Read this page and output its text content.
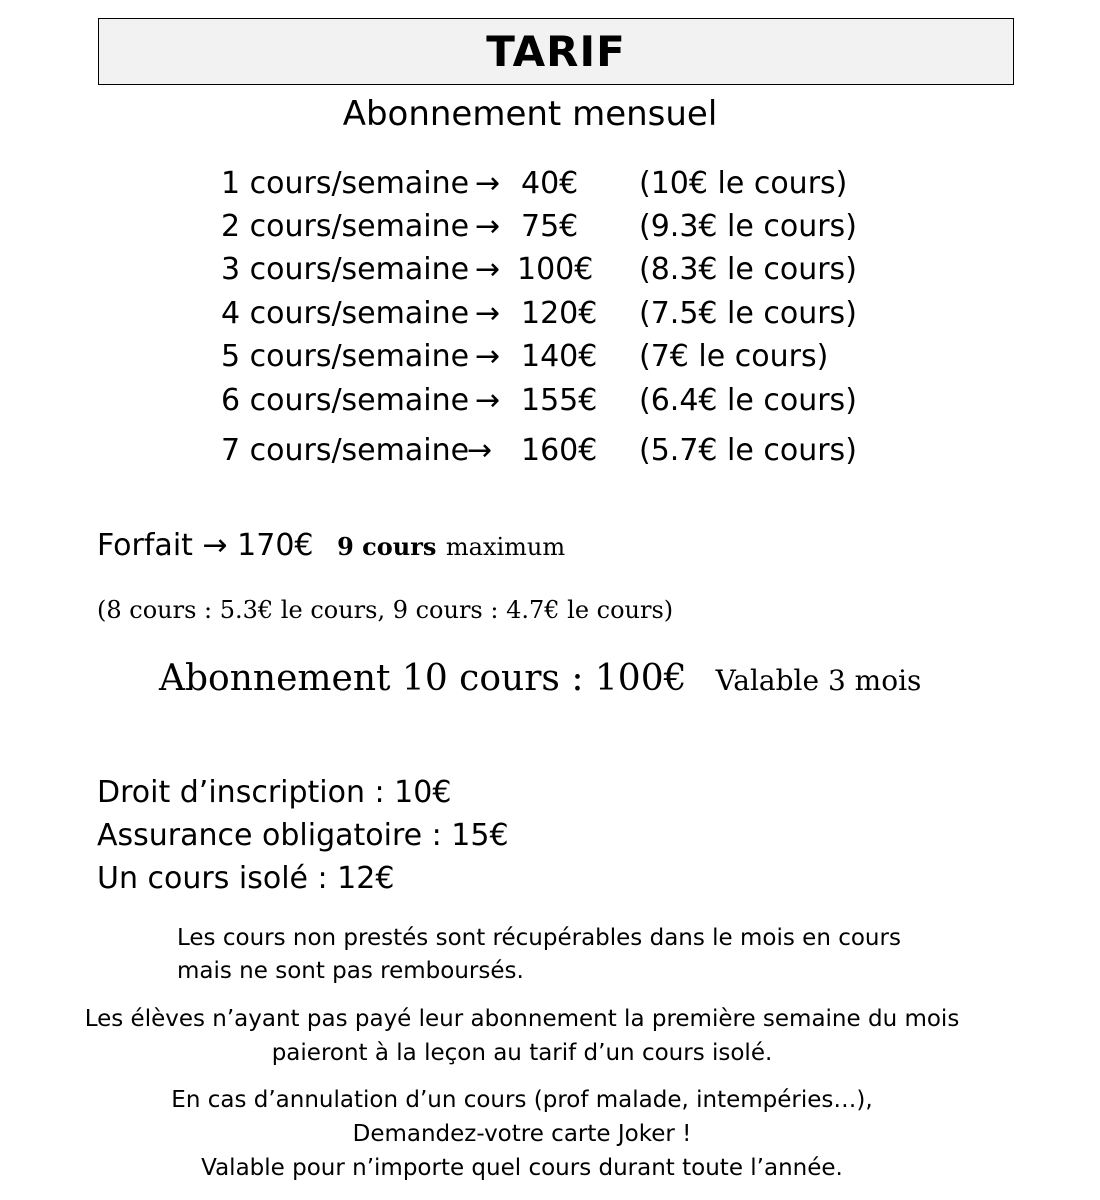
TARIF
Abonnement mensuel
1 cours/semaine → 40€ (10€ le cours)
2 cours/semaine → 75€ (9.3€ le cours)
3 cours/semaine → 100€ (8.3€ le cours)
4 cours/semaine → 120€ (7.5€ le cours)
5 cours/semaine → 140€ (7€ le cours)
6 cours/semaine → 155€ (6.4€ le cours)
7 cours/semaine
→ 160€ (5.7€ le cours)
Forfait → 170€ 9 cours maximum
(8 cours : 5.3€ le cours, 9 cours : 4.7€ le cours)
Abonnement 10 cours : 100€ Valable 3 mois
Droit d’inscription : 10€
Assurance obligatoire : 15€
Un cours isolé : 12€
Les cours non prestés sont récupérables dans le mois en cours
mais ne sont pas remboursés.
Les élèves n’ayant pas payé leur abonnement la première semaine du mois
paieront à la leçon au tarif d’un cours isolé.
En cas d’annulation d’un cours (prof malade, intempéries…),
Demandez-votre carte Joker !
Valable pour n’importe quel cours durant toute l’année.
